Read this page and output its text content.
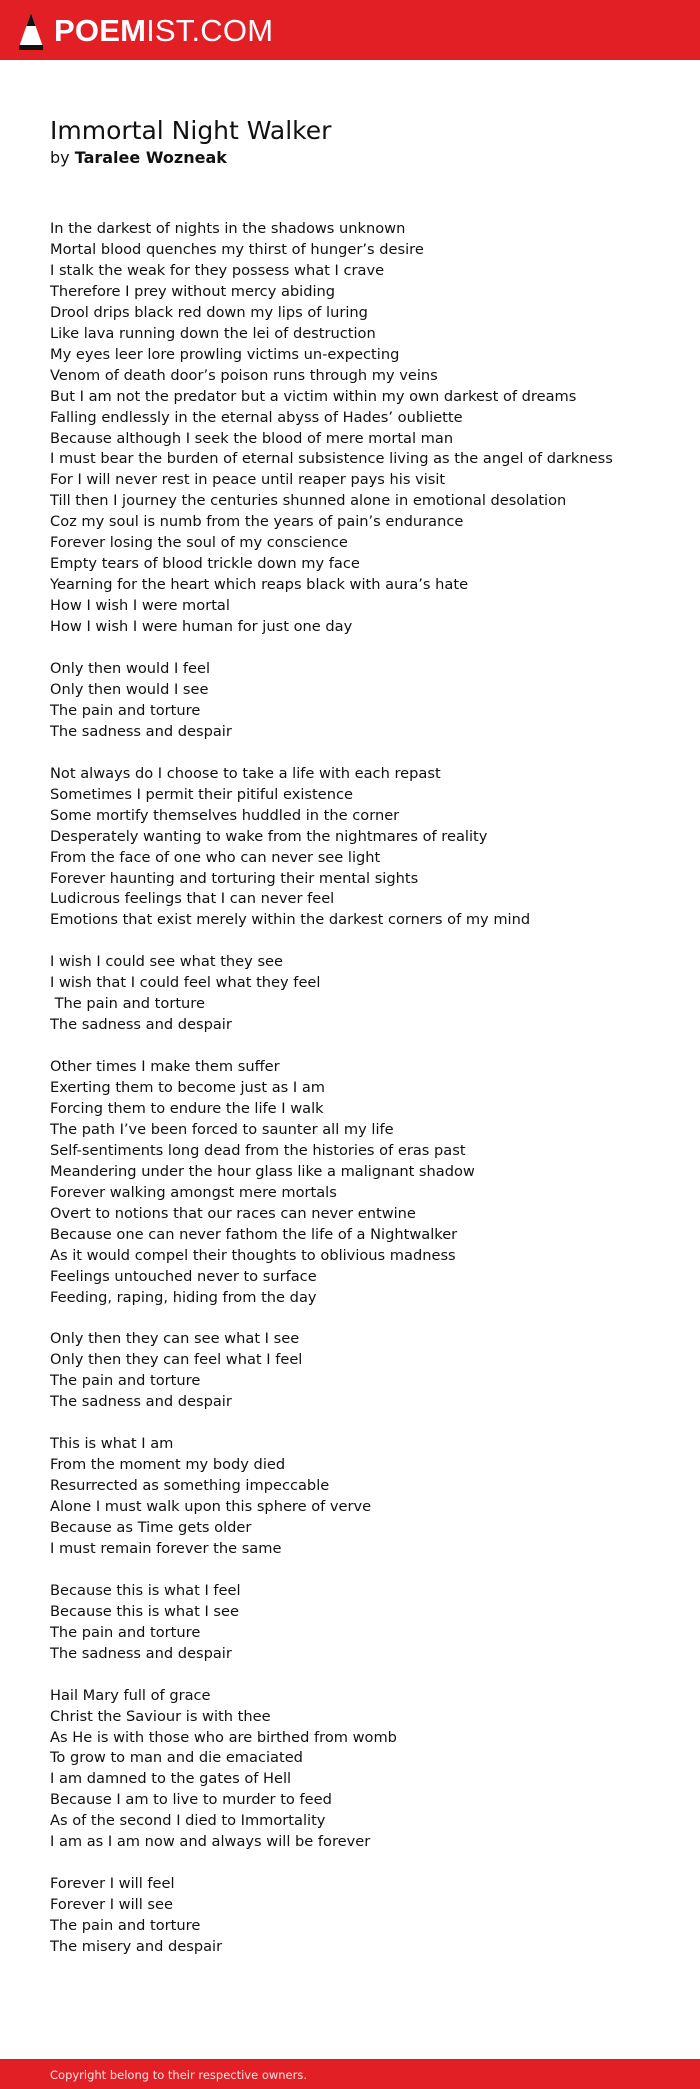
POEMIST.COM
Immortal Night Walker
by Taralee Wozneak
In the darkest of nights in the shadows unknown
Mortal blood quenches my thirst of hunger’s desire
I stalk the weak for they possess what I crave
Therefore I prey without mercy abiding
Drool drips black red down my lips of luring
Like lava running down the lei of destruction
My eyes leer lore prowling victims un-expecting
Venom of death door’s poison runs through my veins
But I am not the predator but a victim within my own darkest of dreams
Falling endlessly in the eternal abyss of Hades’ oubliette
Because although I seek the blood of mere mortal man
I must bear the burden of eternal subsistence living as the angel of darkness
For I will never rest in peace until reaper pays his visit
Till then I journey the centuries shunned alone in emotional desolation
Coz my soul is numb from the years of pain’s endurance
Forever losing the soul of my conscience
Empty tears of blood trickle down my face
Yearning for the heart which reaps black with aura’s hate
How I wish I were mortal
How I wish I were human for just one day
Only then would I feel
Only then would I see
The pain and torture
The sadness and despair
Not always do I choose to take a life with each repast
Sometimes I permit their pitiful existence
Some mortify themselves huddled in the corner
Desperately wanting to wake from the nightmares of reality
From the face of one who can never see light
Forever haunting and torturing their mental sights
Ludicrous feelings that I can never feel
Emotions that exist merely within the darkest corners of my mind
I wish I could see what they see
I wish that I could feel what they feel
The pain and torture
The sadness and despair
Other times I make them suffer
Exerting them to become just as I am
Forcing them to endure the life I walk
The path I’ve been forced to saunter all my life
Self-sentiments long dead from the histories of eras past
Meandering under the hour glass like a malignant shadow
Forever walking amongst mere mortals
Overt to notions that our races can never entwine
Because one can never fathom the life of a Nightwalker
As it would compel their thoughts to oblivious madness
Feelings untouched never to surface
Feeding, raping, hiding from the day
Only then they can see what I see
Only then they can feel what I feel
The pain and torture
The sadness and despair
This is what I am
From the moment my body died
Resurrected as something impeccable
Alone I must walk upon this sphere of verve
Because as Time gets older
I must remain forever the same
Because this is what I feel
Because this is what I see
The pain and torture
The sadness and despair
Hail Mary full of grace
Christ the Saviour is with thee
As He is with those who are birthed from womb
To grow to man and die emaciated
I am damned to the gates of Hell
Because I am to live to murder to feed
As of the second I died to Immortality
I am as I am now and always will be forever
Forever I will feel
Forever I will see
The pain and torture
The misery and despair
Copyright belong to their respective owners.
